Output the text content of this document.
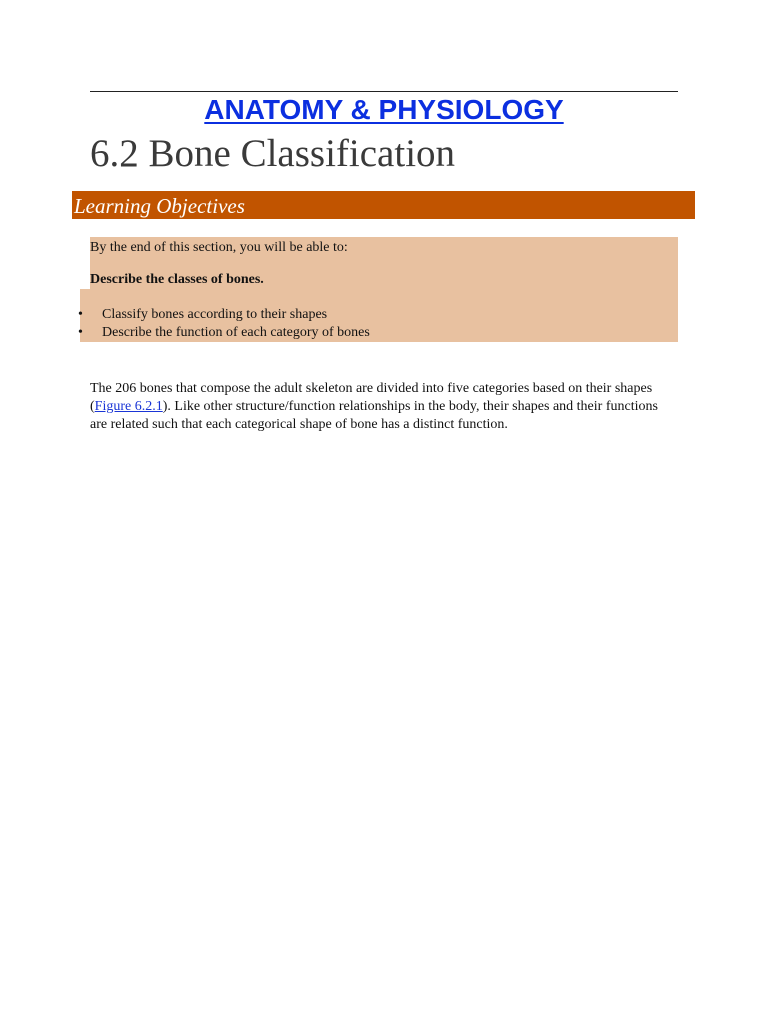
ANATOMY & PHYSIOLOGY
6.2 Bone Classification
Learning Objectives
By the end of this section, you will be able to:
Describe the classes of bones.
• Classify bones according to their shapes
• Describe the function of each category of bones

The 206 bones that compose the adult skeleton are divided into five categories based on their shapes (Figure 6.2.1). Like other structure/function relationships in the body, their shapes and their functions are related such that each categorical shape of bone has a distinct function.
